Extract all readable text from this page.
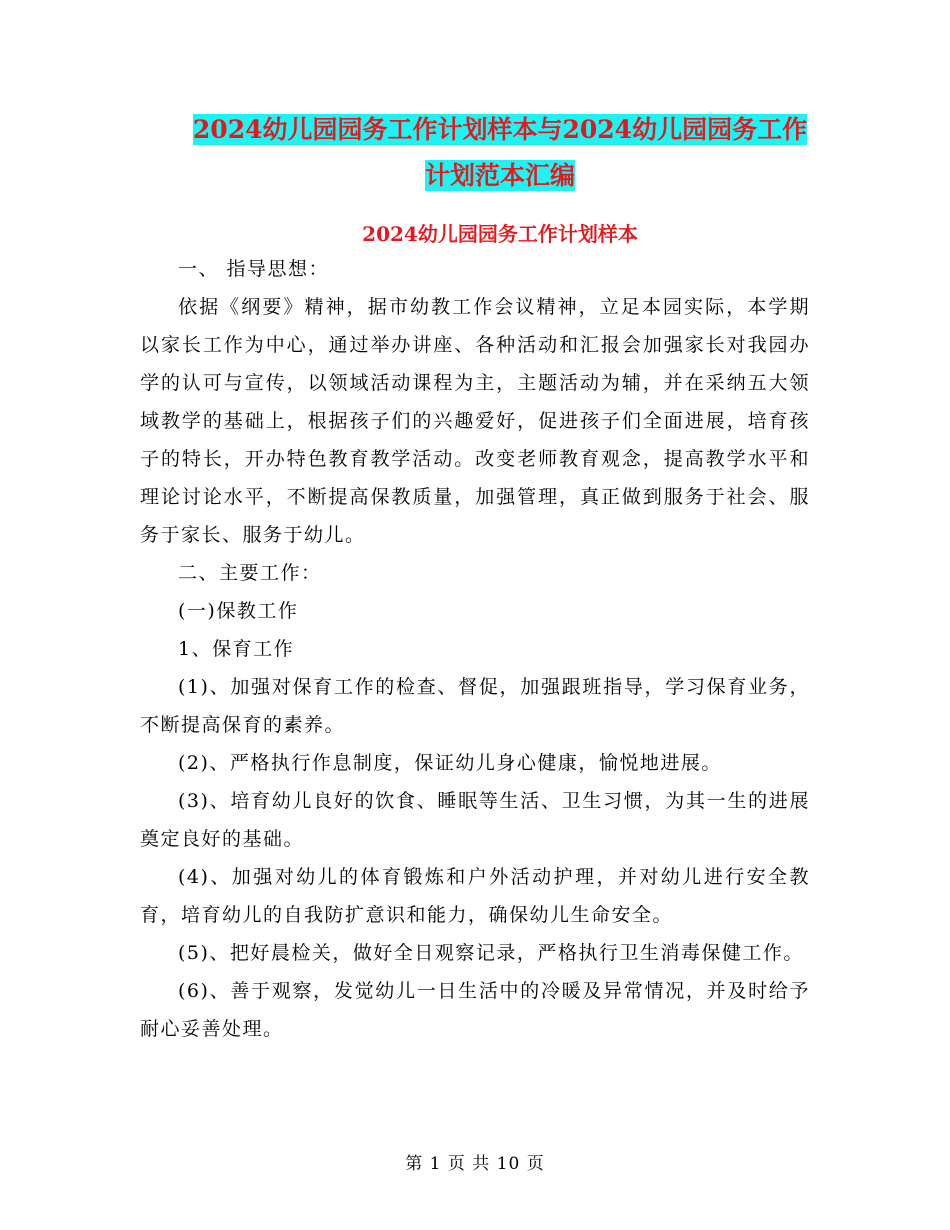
2024幼儿园园务工作计划样本与2024幼儿园园务工作
计划范本汇编
2024幼儿园园务工作计划样本

一、 指导思想：

依据《纲要》精神，据市幼教工作会议精神，立足本园实际，本学期以家长工作为中心，通过举办讲座、各种活动和汇报会加强家长对我园办学的认可与宣传，以领域活动课程为主，主题活动为辅，并在采纳五大领域教学的基础上，根据孩子们的兴趣爱好，促进孩子们全面进展，培育孩子的特长，开办特色教育教学活动。改变老师教育观念，提高教学水平和理论讨论水平，不断提高保教质量，加强管理，真正做到服务于社会、服务于家长、服务于幼儿。

二、主要工作：

(一)保教工作

1、保育工作

(1)、加强对保育工作的检查、督促，加强跟班指导，学习保育业务，不断提高保育的素养。

(2)、严格执行作息制度，保证幼儿身心健康，愉悦地进展。

(3)、培育幼儿良好的饮食、睡眠等生活、卫生习惯，为其一生的进展奠定良好的基础。

(4)、加强对幼儿的体育锻炼和户外活动护理，并对幼儿进行安全教育，培育幼儿的自我防扩意识和能力，确保幼儿生命安全。

(5)、把好晨检关，做好全日观察记录，严格执行卫生消毒保健工作。

(6)、善于观察，发觉幼儿一日生活中的冷暖及异常情况，并及时给予耐心妥善处理。

第 1 页 共 10 页
